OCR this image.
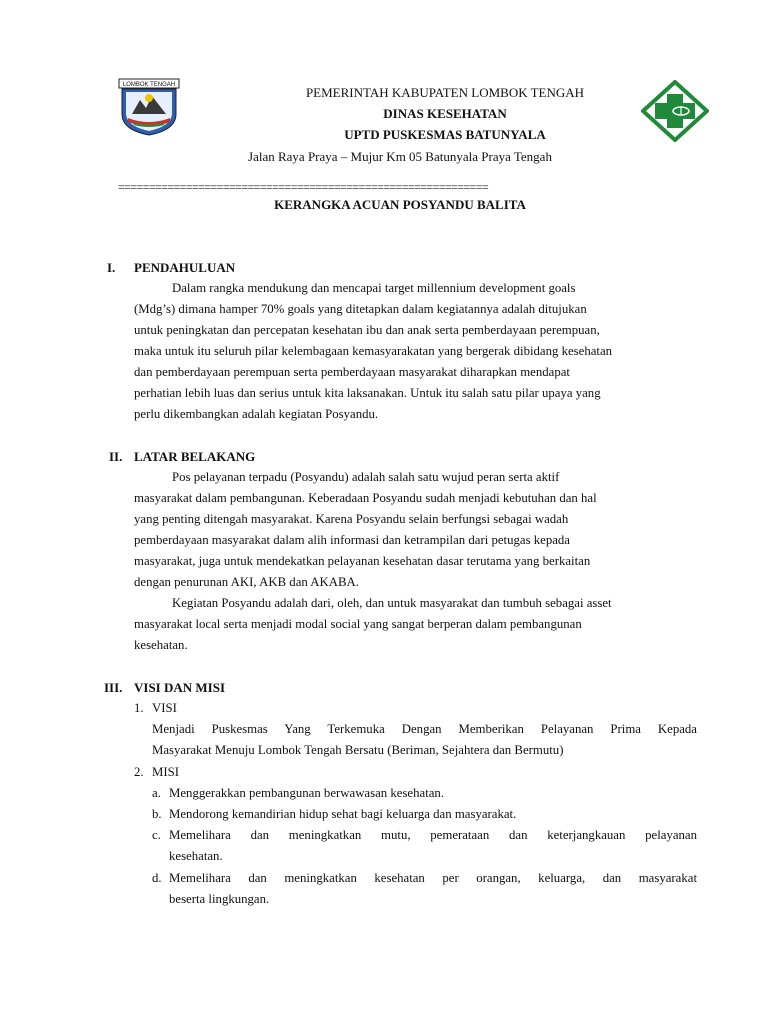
LOMBOK TENGAH	PEMERINTAH KABUPATEN LOMBOK TENGAH
DINAS KESEHATAN
UPTD PUSKESMAS BATUNYALA
Jalan Raya Praya – Mujur Km 05 Batunyala Praya Tengah
============================================================
KERANGKA ACUAN POSYANDU BALITA
I. PENDAHULUAN
Dalam rangka mendukung dan mencapai target millennium development goals
(Mdg’s) dimana hamper 70% goals yang ditetapkan dalam kegiatannya adalah ditujukan
untuk peningkatan dan percepatan kesehatan ibu dan anak serta pemberdayaan perempuan,
maka untuk itu seluruh pilar kelembagaan kemasyarakatan yang bergerak dibidang kesehatan
dan pemberdayaan perempuan serta pemberdayaan masyarakat diharapkan mendapat
perhatian lebih luas dan serius untuk kita laksanakan. Untuk itu salah satu pilar upaya yang
perlu dikembangkan adalah kegiatan Posyandu.
II. LATAR BELAKANG
Pos pelayanan terpadu (Posyandu) adalah salah satu wujud peran serta aktif
masyarakat dalam pembangunan. Keberadaan Posyandu sudah menjadi kebutuhan dan hal
yang penting ditengah masyarakat. Karena Posyandu selain berfungsi sebagai wadah
pemberdayaan masyarakat dalam alih informasi dan ketrampilan dari petugas kepada
masyarakat, juga untuk mendekatkan pelayanan kesehatan dasar terutama yang berkaitan
dengan penurunan AKI, AKB dan AKABA.
Kegiatan Posyandu adalah dari, oleh, dan untuk masyarakat dan tumbuh sebagai asset
masyarakat local serta menjadi modal social yang sangat berperan dalam pembangunan
kesehatan.
III. VISI DAN MISI
1. VISI
Menjadi Puskesmas Yang Terkemuka Dengan Memberikan Pelayanan Prima Kepada
Masyarakat Menuju Lombok Tengah Bersatu (Beriman, Sejahtera dan Bermutu)
2. MISI
a. Menggerakkan pembangunan berwawasan kesehatan.
b. Mendorong kemandirian hidup sehat bagi keluarga dan masyarakat.
c. Memelihara dan meningkatkan mutu, pemerataan dan keterjangkauan pelayanan
kesehatan.
d. Memelihara dan meningkatkan kesehatan per orangan, keluarga, dan masyarakat
beserta lingkungan.
